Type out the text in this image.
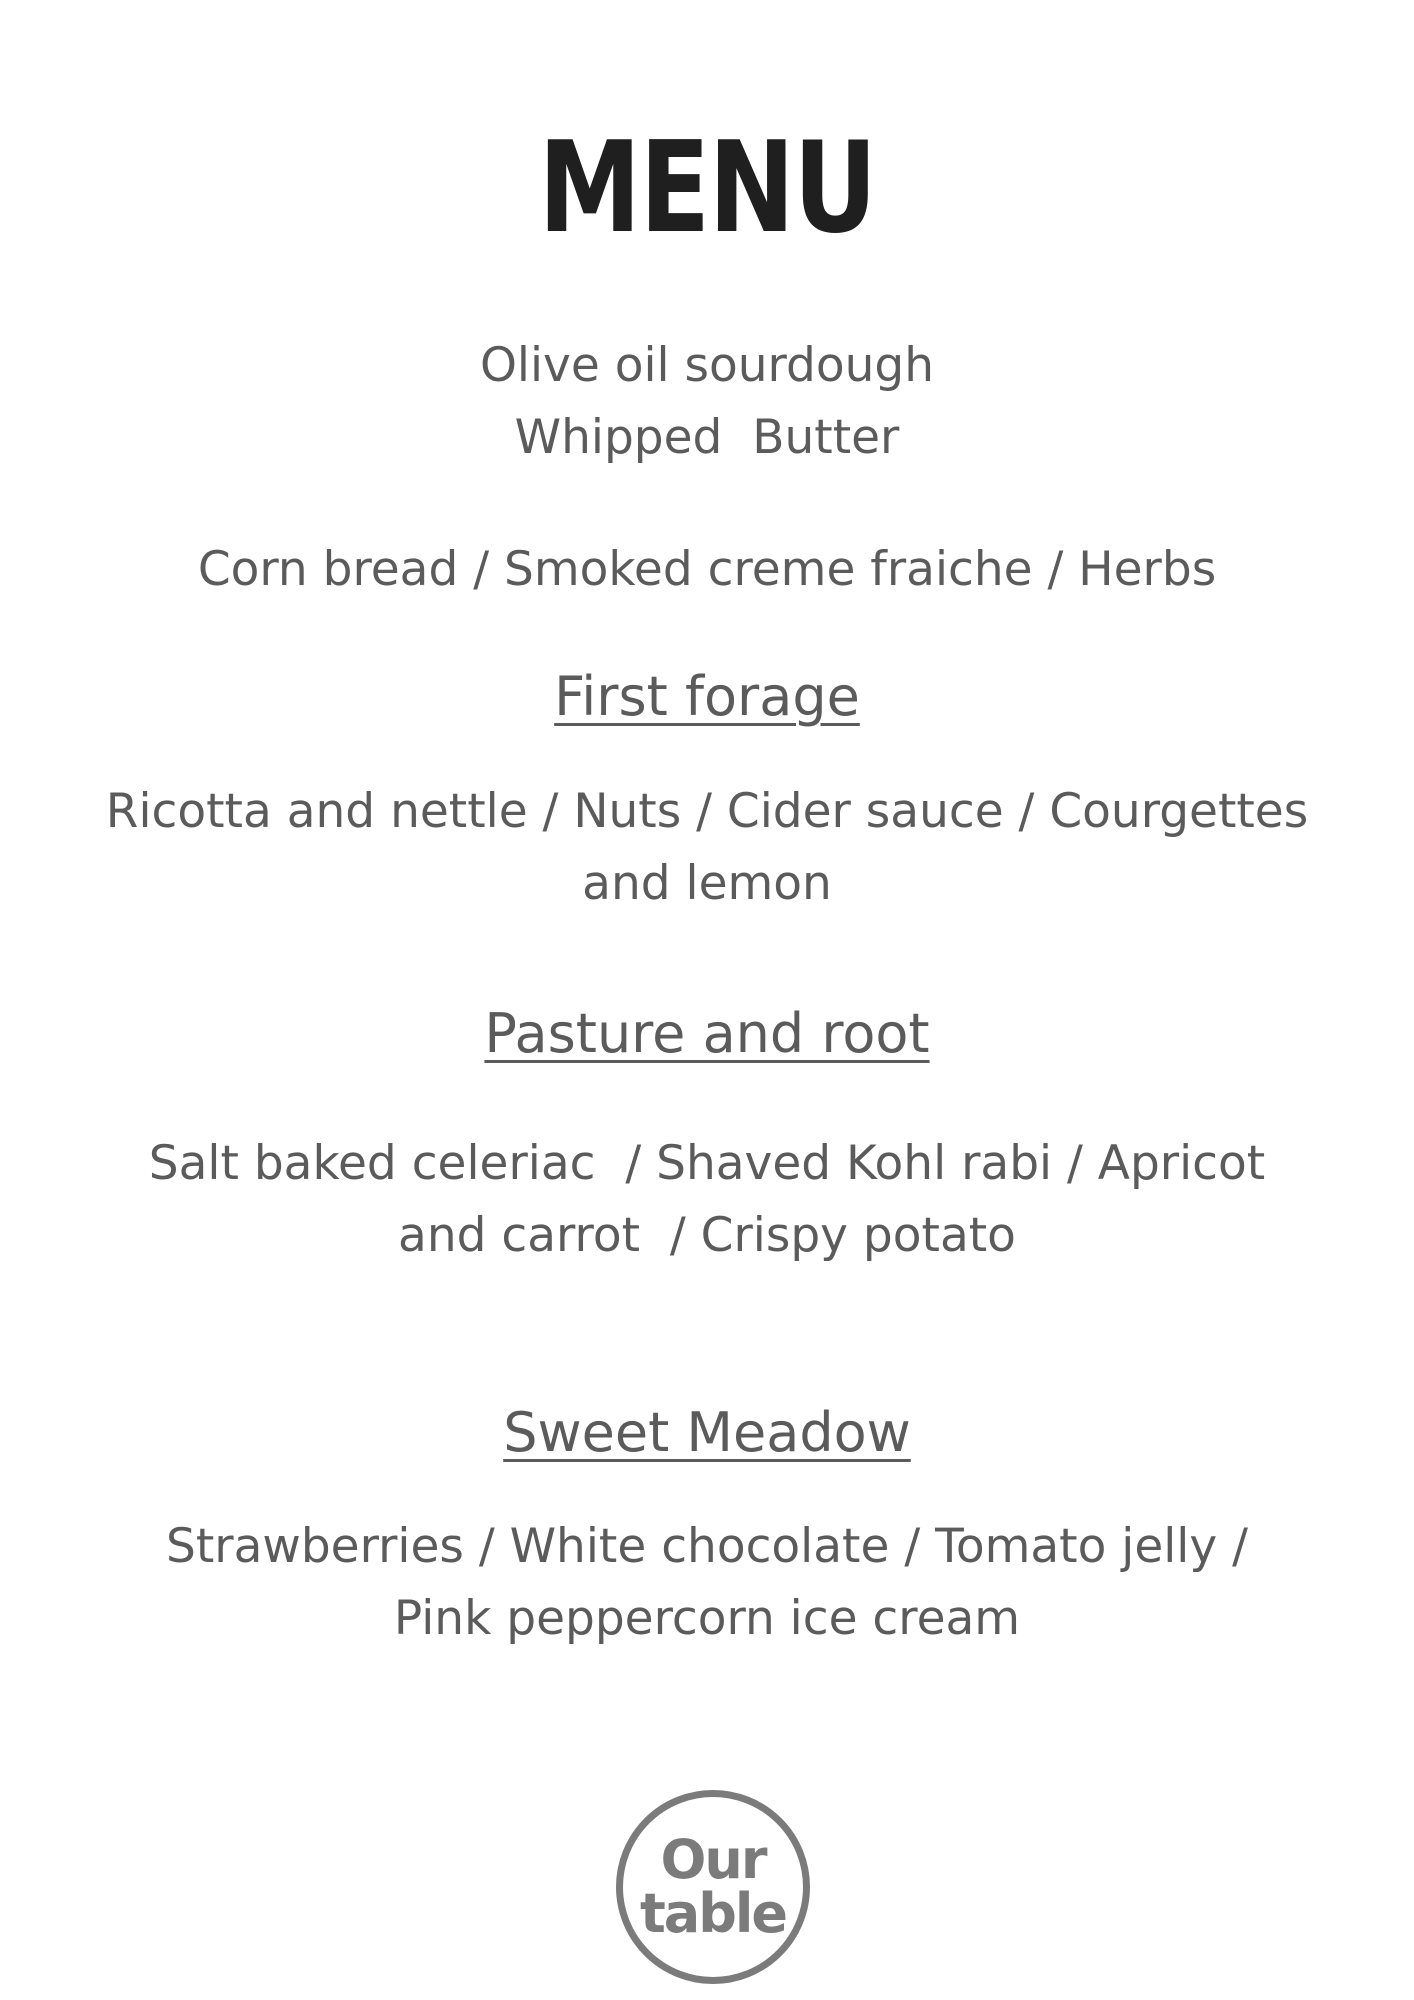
MENU
Olive oil sourdough
Whipped  Butter
Corn bread / Smoked creme fraiche / Herbs
First forage
Ricotta and nettle / Nuts / Cider sauce / Courgettes
and lemon
Pasture and root
Salt baked celeriac  / Shaved Kohl rabi / Apricot
and carrot  / Crispy potato
Sweet Meadow
Strawberries / White chocolate / Tomato jelly /
Pink peppercorn ice cream
Our
table
